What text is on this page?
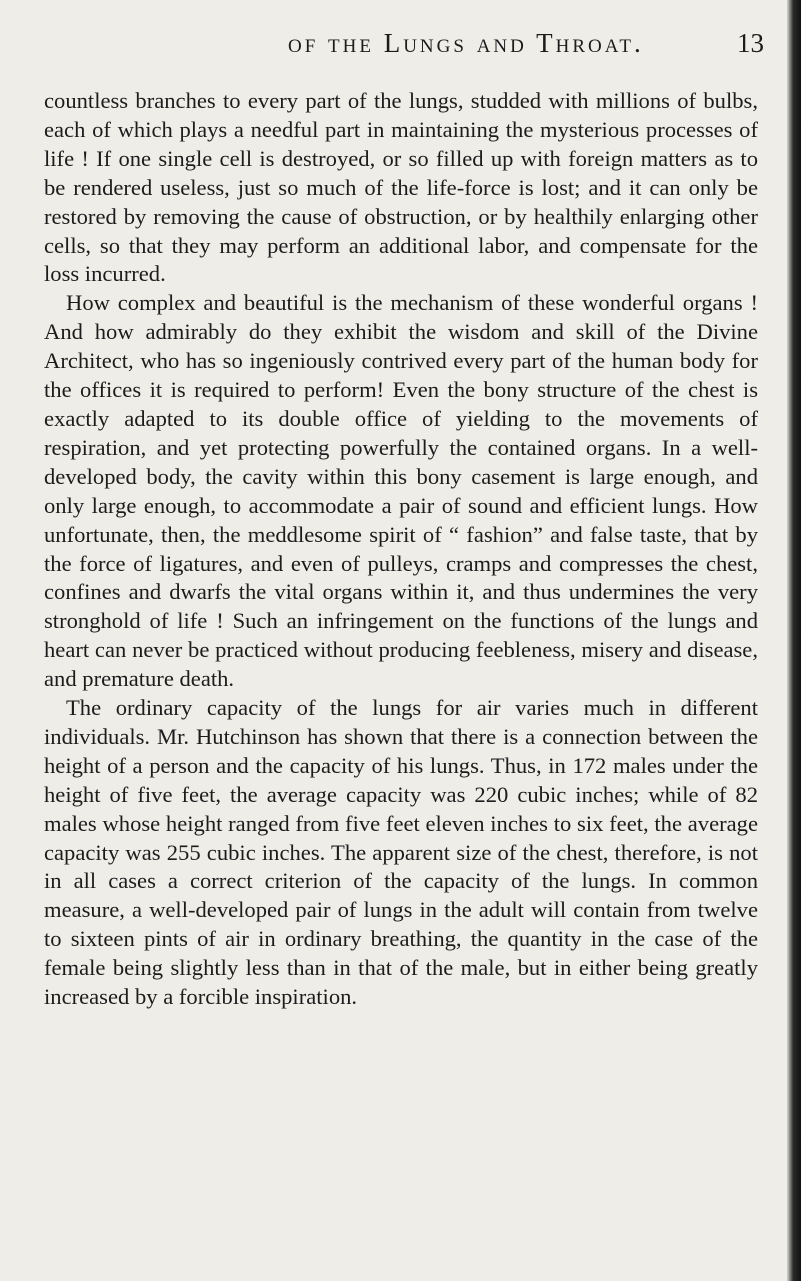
of the Lungs and Throat.	13

countless branches to every part of the lungs, studded with millions of bulbs, each of which plays a needful part in maintaining the mysterious processes of life ! If one single cell is destroyed, or so filled up with foreign matters as to be rendered useless, just so much of the life-force is lost; and it can only be restored by removing the cause of obstruction, or by healthily enlarging other cells, so that they may perform an additional labor, and compensate for the loss incurred.

How complex and beautiful is the mechanism of these wonderful organs ! And how admirably do they exhibit the wisdom and skill of the Divine Architect, who has so ingeniously contrived every part of the human body for the offices it is required to perform! Even the bony structure of the chest is exactly adapted to its double office of yielding to the movements of respiration, and yet protecting powerfully the contained organs. In a well-developed body, the cavity within this bony casement is large enough, and only large enough, to accommodate a pair of sound and efficient lungs. How unfortunate, then, the meddlesome spirit of “ fashion” and false taste, that by the force of ligatures, and even of pulleys, cramps and compresses the chest, confines and dwarfs the vital organs within it, and thus undermines the very stronghold of life ! Such an infringement on the functions of the lungs and heart can never be practiced without producing feebleness, misery and disease, and premature death.

The ordinary capacity of the lungs for air varies much in different individuals. Mr. Hutchinson has shown that there is a connection between the height of a person and the capacity of his lungs. Thus, in 172 males under the height of five feet, the average capacity was 220 cubic inches; while of 82 males whose height ranged from five feet eleven inches to six feet, the average capacity was 255 cubic inches. The apparent size of the chest, therefore, is not in all cases a correct criterion of the capacity of the lungs. In common measure, a well-developed pair of lungs in the adult will contain from twelve to sixteen pints of air in ordinary breathing, the quantity in the case of the female being slightly less than in that of the male, but in either being greatly increased by a forcible inspiration.
